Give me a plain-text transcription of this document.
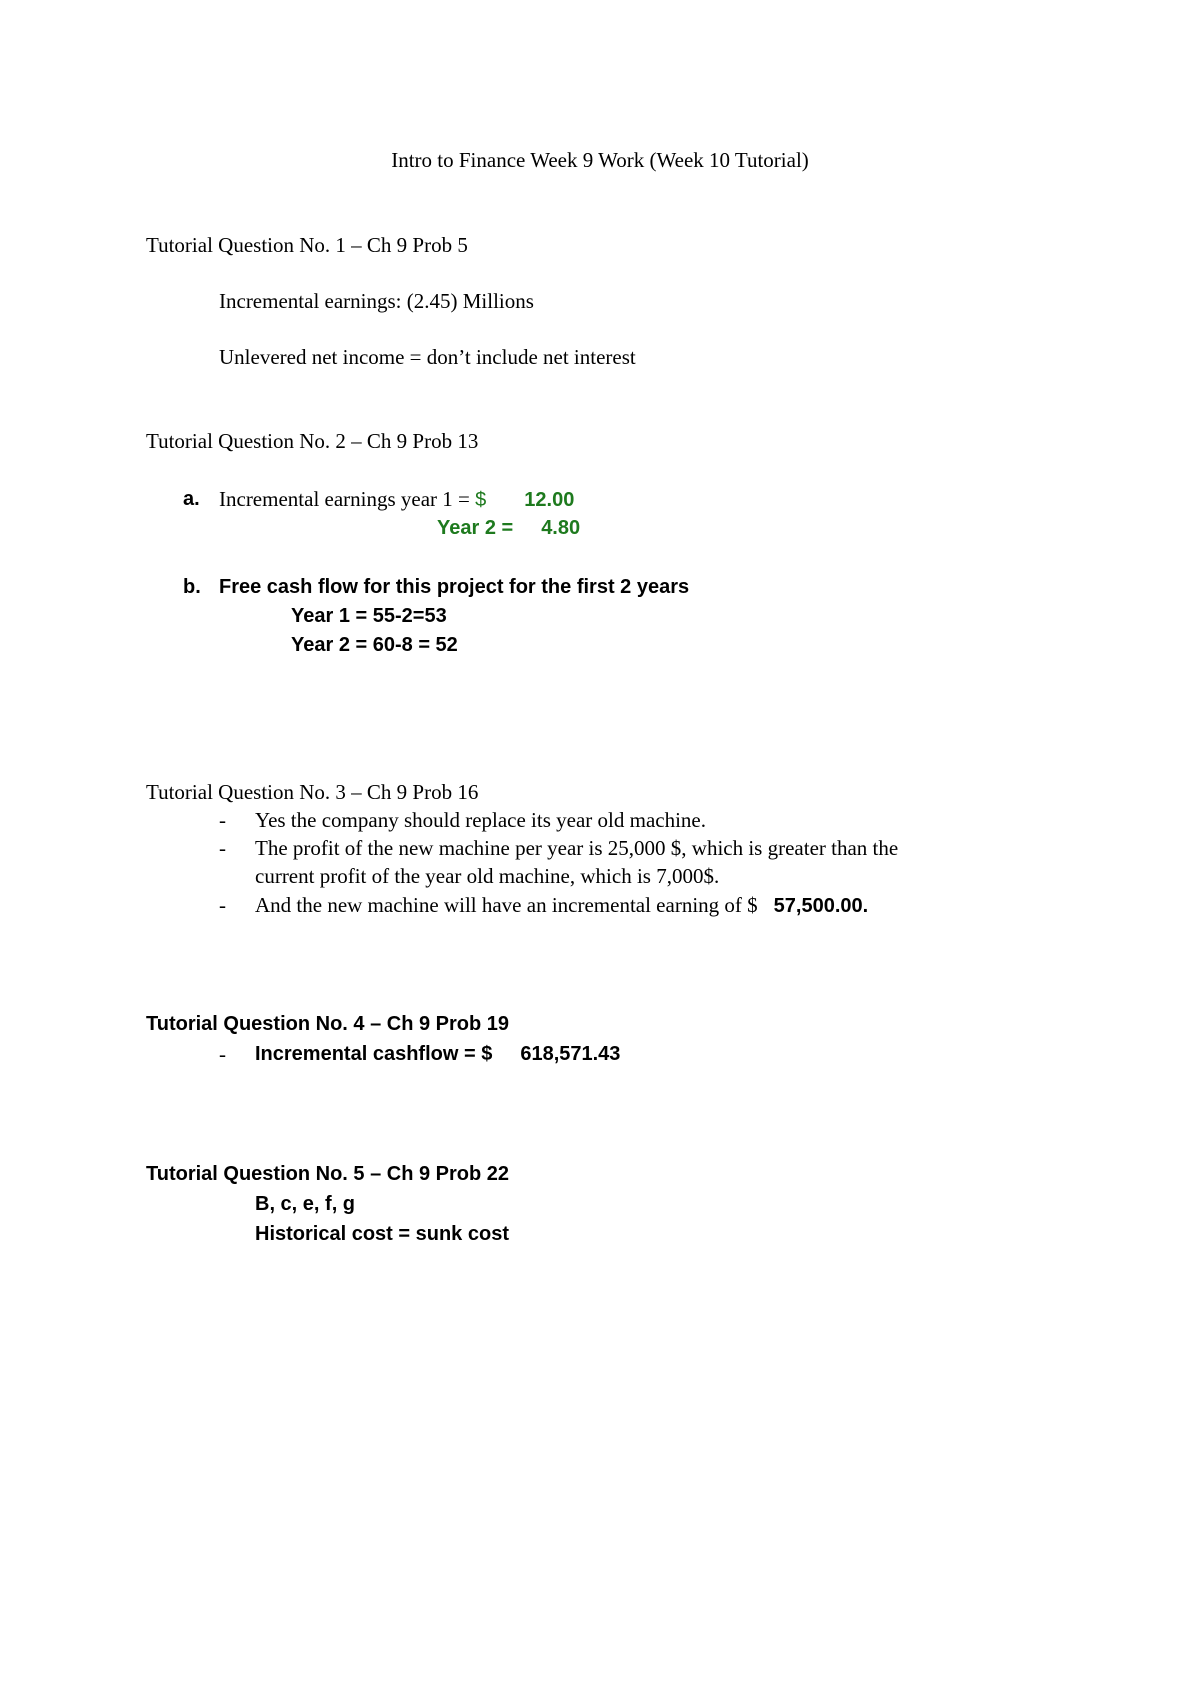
Intro to Finance Week 9 Work (Week 10 Tutorial)
Tutorial Question No. 1 – Ch 9 Prob 5
Incremental earnings: (2.45) Millions
Unlevered net income = don’t include net interest
Tutorial Question No. 2 – Ch 9 Prob 13
a. Incremental earnings year 1 = $ 12.00
Year 2 = 4.80
b. Free cash flow for this project for the first 2 years
Year 1 = 55-2=53
Year 2 = 60-8 = 52
Tutorial Question No. 3 – Ch 9 Prob 16
- Yes the company should replace its year old machine.
- The profit of the new machine per year is 25,000 $, which is greater than the
current profit of the year old machine, which is 7,000$.
- And the new machine will have an incremental earning of $ 57,500.00.
Tutorial Question No. 4 – Ch 9 Prob 19
- Incremental cashflow = $ 618,571.43
Tutorial Question No. 5 – Ch 9 Prob 22
B, c, e, f, g
Historical cost = sunk cost
